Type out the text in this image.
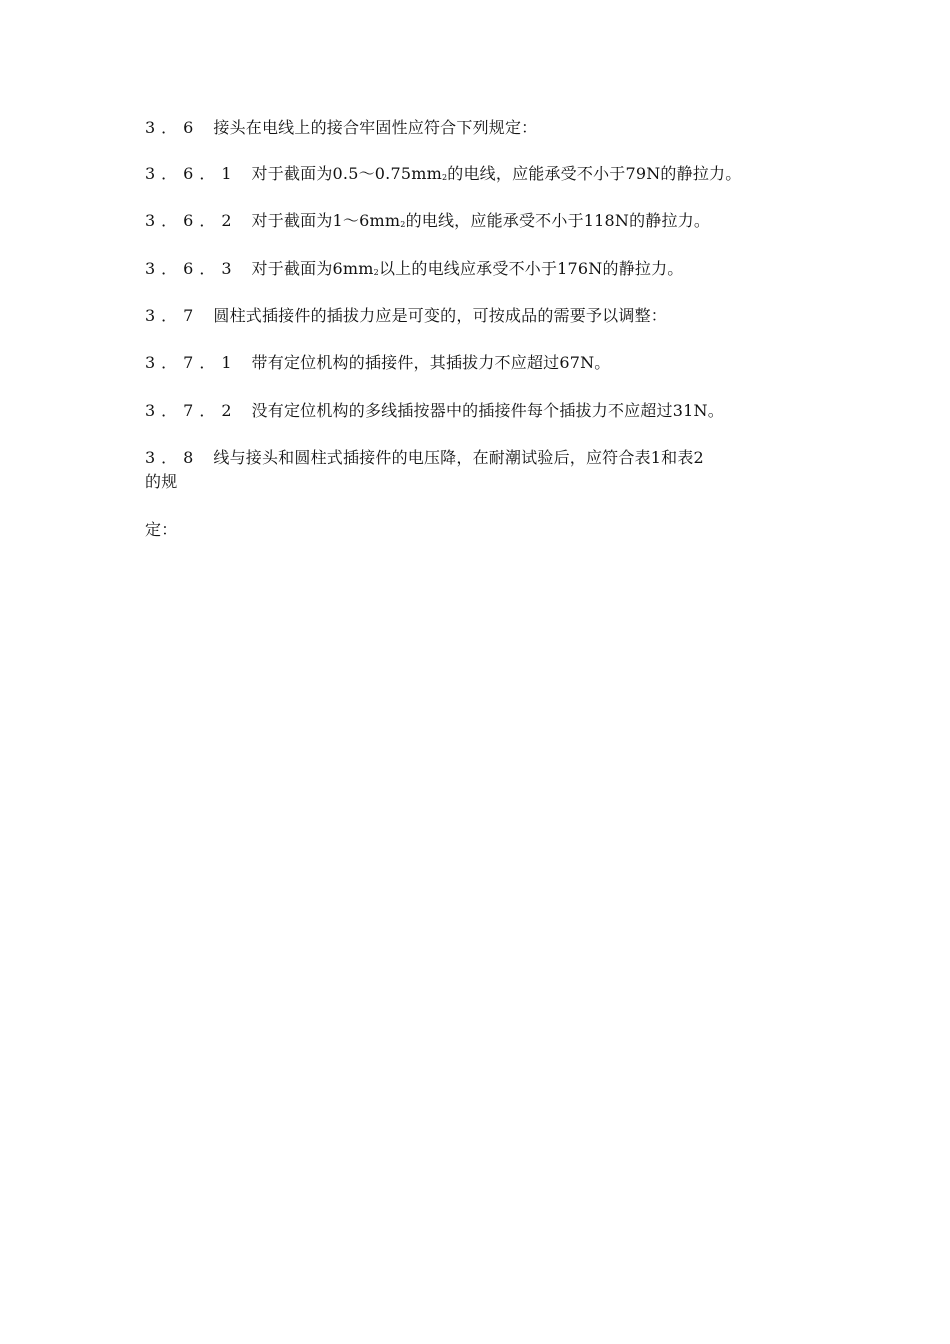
3．6 接头在电线上的接合牢固性应符合下列规定：
3．6．1 对于截面为0.5～0.75mm2的电线，应能承受不小于79N的静拉力。
3．6．2 对于截面为1～6mm2的电线，应能承受不小于118N的静拉力。
3．6．3 对于截面为6mm2以上的电线应承受不小于176N的静拉力。
3．7 圆柱式插接件的插拔力应是可变的，可按成品的需要予以调整：
3．7．1 带有定位机构的插接件，其插拔力不应超过67N。
3．7．2 没有定位机构的多线插按器中的插接件每个插拔力不应超过31N。
3．8 线与接头和圆柱式插接件的电压降，在耐潮试验后，应符合表1和表2
的规
定：
